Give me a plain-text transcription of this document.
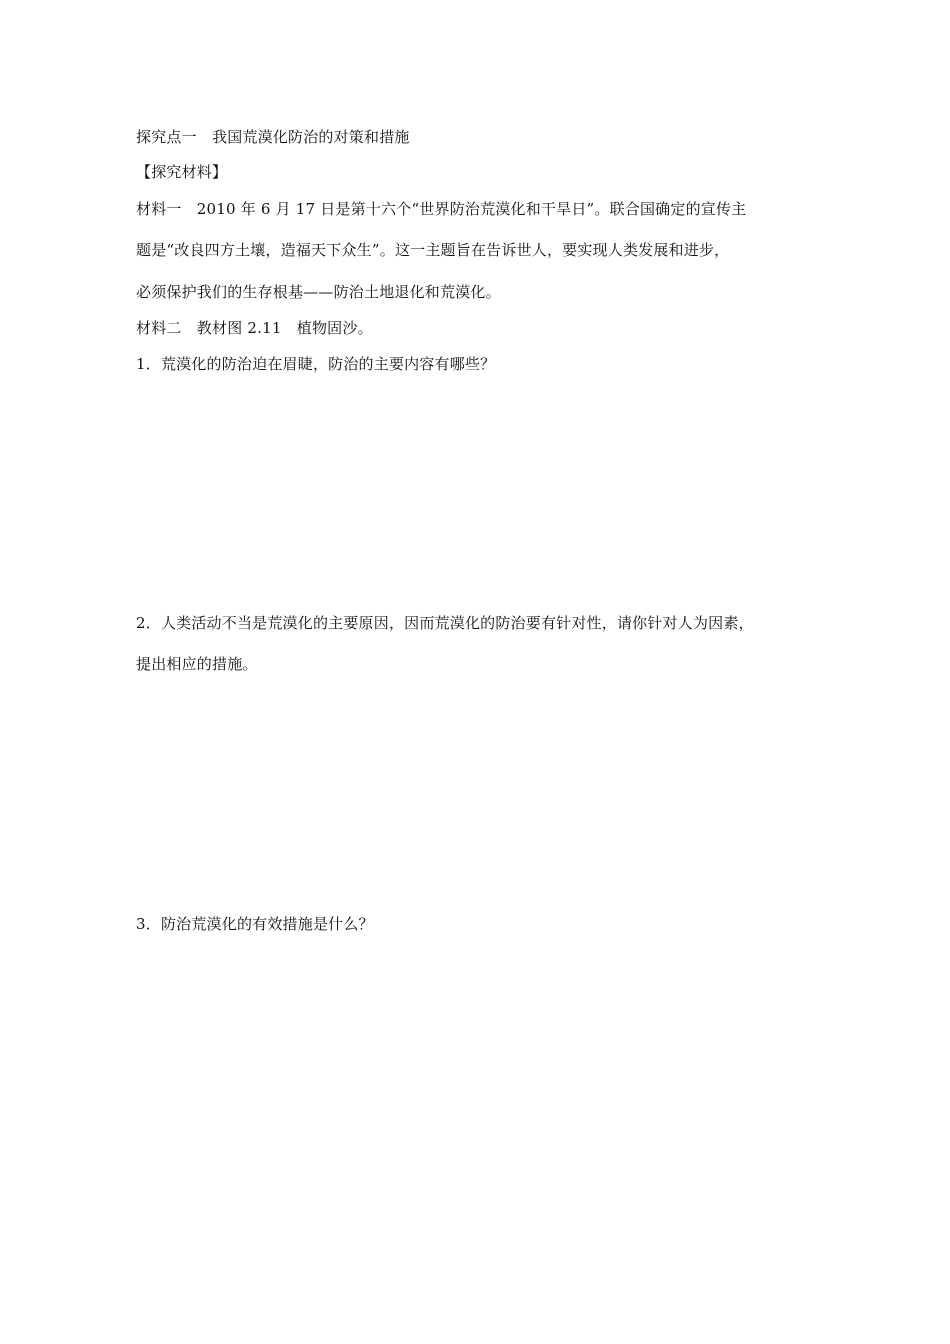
探究点一　我国荒漠化防治的对策和措施
【探究材料】
材料一　2010 年 6 月 17 日是第十六个“世界防治荒漠化和干旱日”。联合国确定的宣传主
题是“改良四方土壤，造福天下众生”。这一主题旨在告诉世人，要实现人类发展和进步，
必须保护我们的生存根基——防治土地退化和荒漠化。
材料二　教材图 2.11　植物固沙。
1．荒漠化的防治迫在眉睫，防治的主要内容有哪些？
2．人类活动不当是荒漠化的主要原因，因而荒漠化的防治要有针对性，请你针对人为因素，
提出相应的措施。
3．防治荒漠化的有效措施是什么？
